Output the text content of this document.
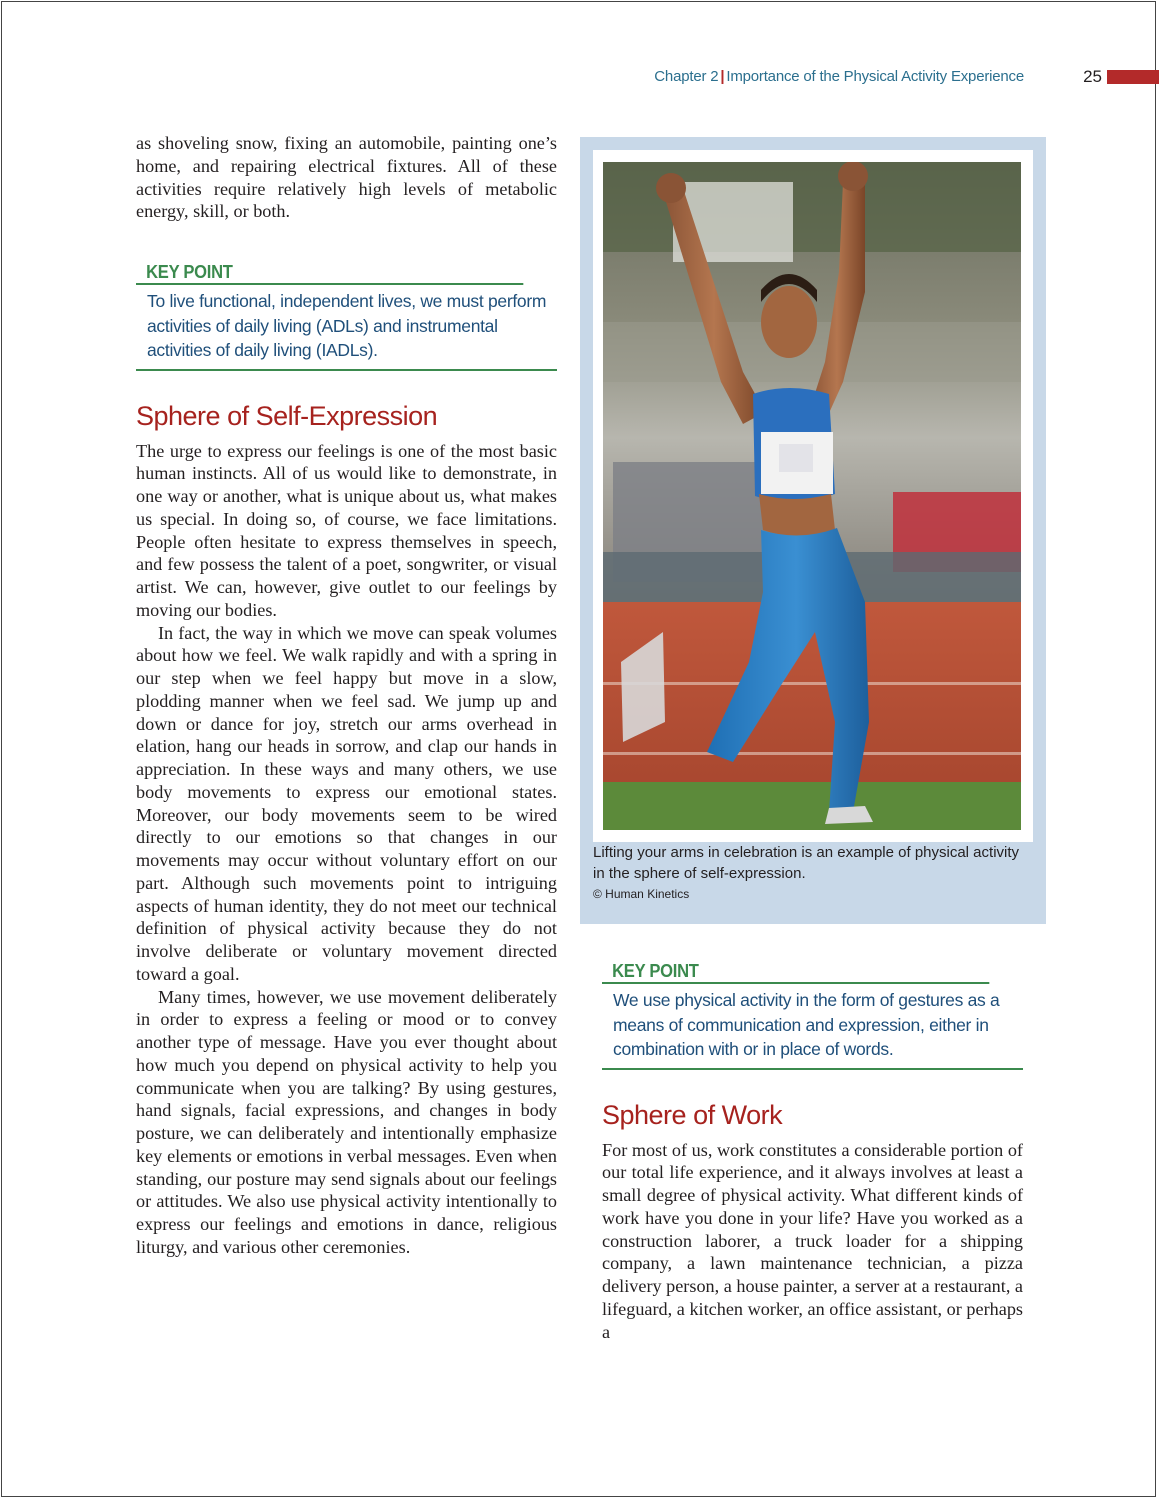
Chapter 2 | Importance of the Physical Activity Experience	25

as shoveling snow, fixing an automobile, painting one’s home, and repairing electrical fixtures. All of these activities require relatively high levels of metabolic energy, skill, or both.

KEY POINT
To live functional, independent lives, we must perform activities of daily living (ADLs) and instrumental activities of daily living (IADLs).
Sphere of Self-Expression

The urge to express our feelings is one of the most basic human instincts. All of us would like to demonstrate, in one way or another, what is unique about us, what makes us special. In doing so, of course, we face limitations. People often hesitate to express themselves in speech, and few possess the talent of a poet, songwriter, or visual artist. We can, however, give outlet to our feelings by moving our bodies.

In fact, the way in which we move can speak volumes about how we feel. We walk rapidly and with a spring in our step when we feel happy but move in a slow, plodding manner when we feel sad. We jump up and down or dance for joy, stretch our arms overhead in elation, hang our heads in sorrow, and clap our hands in appreciation. In these ways and many others, we use body movements to express our emotional states. Moreover, our body movements seem to be wired directly to our emotions so that changes in our movements may occur without voluntary effort on our part. Although such movements point to intriguing aspects of human identity, they do not meet our technical definition of physical activity because they do not involve deliberate or voluntary movement directed toward a goal.

Many times, however, we use movement deliberately in order to express a feeling or mood or to convey another type of message. Have you ever thought about how much you depend on physical activity to help you communicate when you are talking? By using gestures, hand signals, facial expressions, and changes in body posture, we can deliberately and intentionally emphasize key elements or emotions in verbal messages. Even when standing, our posture may send signals about our feelings or attitudes. We also use physical activity intentionally to express our feelings and emotions in dance, religious liturgy, and various other ceremonies.

Lifting your arms in celebration is an example of physical activity in the sphere of self-expression.
© Human Kinetics
KEY POINT
We use physical activity in the form of gestures as a means of communication and expression, either in combination with or in place of words.
Sphere of Work

For most of us, work constitutes a considerable portion of our total life experience, and it always involves at least a small degree of physical activity. What different kinds of work have you done in your life? Have you worked as a construction laborer, a truck loader for a shipping company, a lawn maintenance technician, a pizza delivery person, a house painter, a server at a restaurant, a lifeguard, a kitchen worker, an office assistant, or perhaps a
